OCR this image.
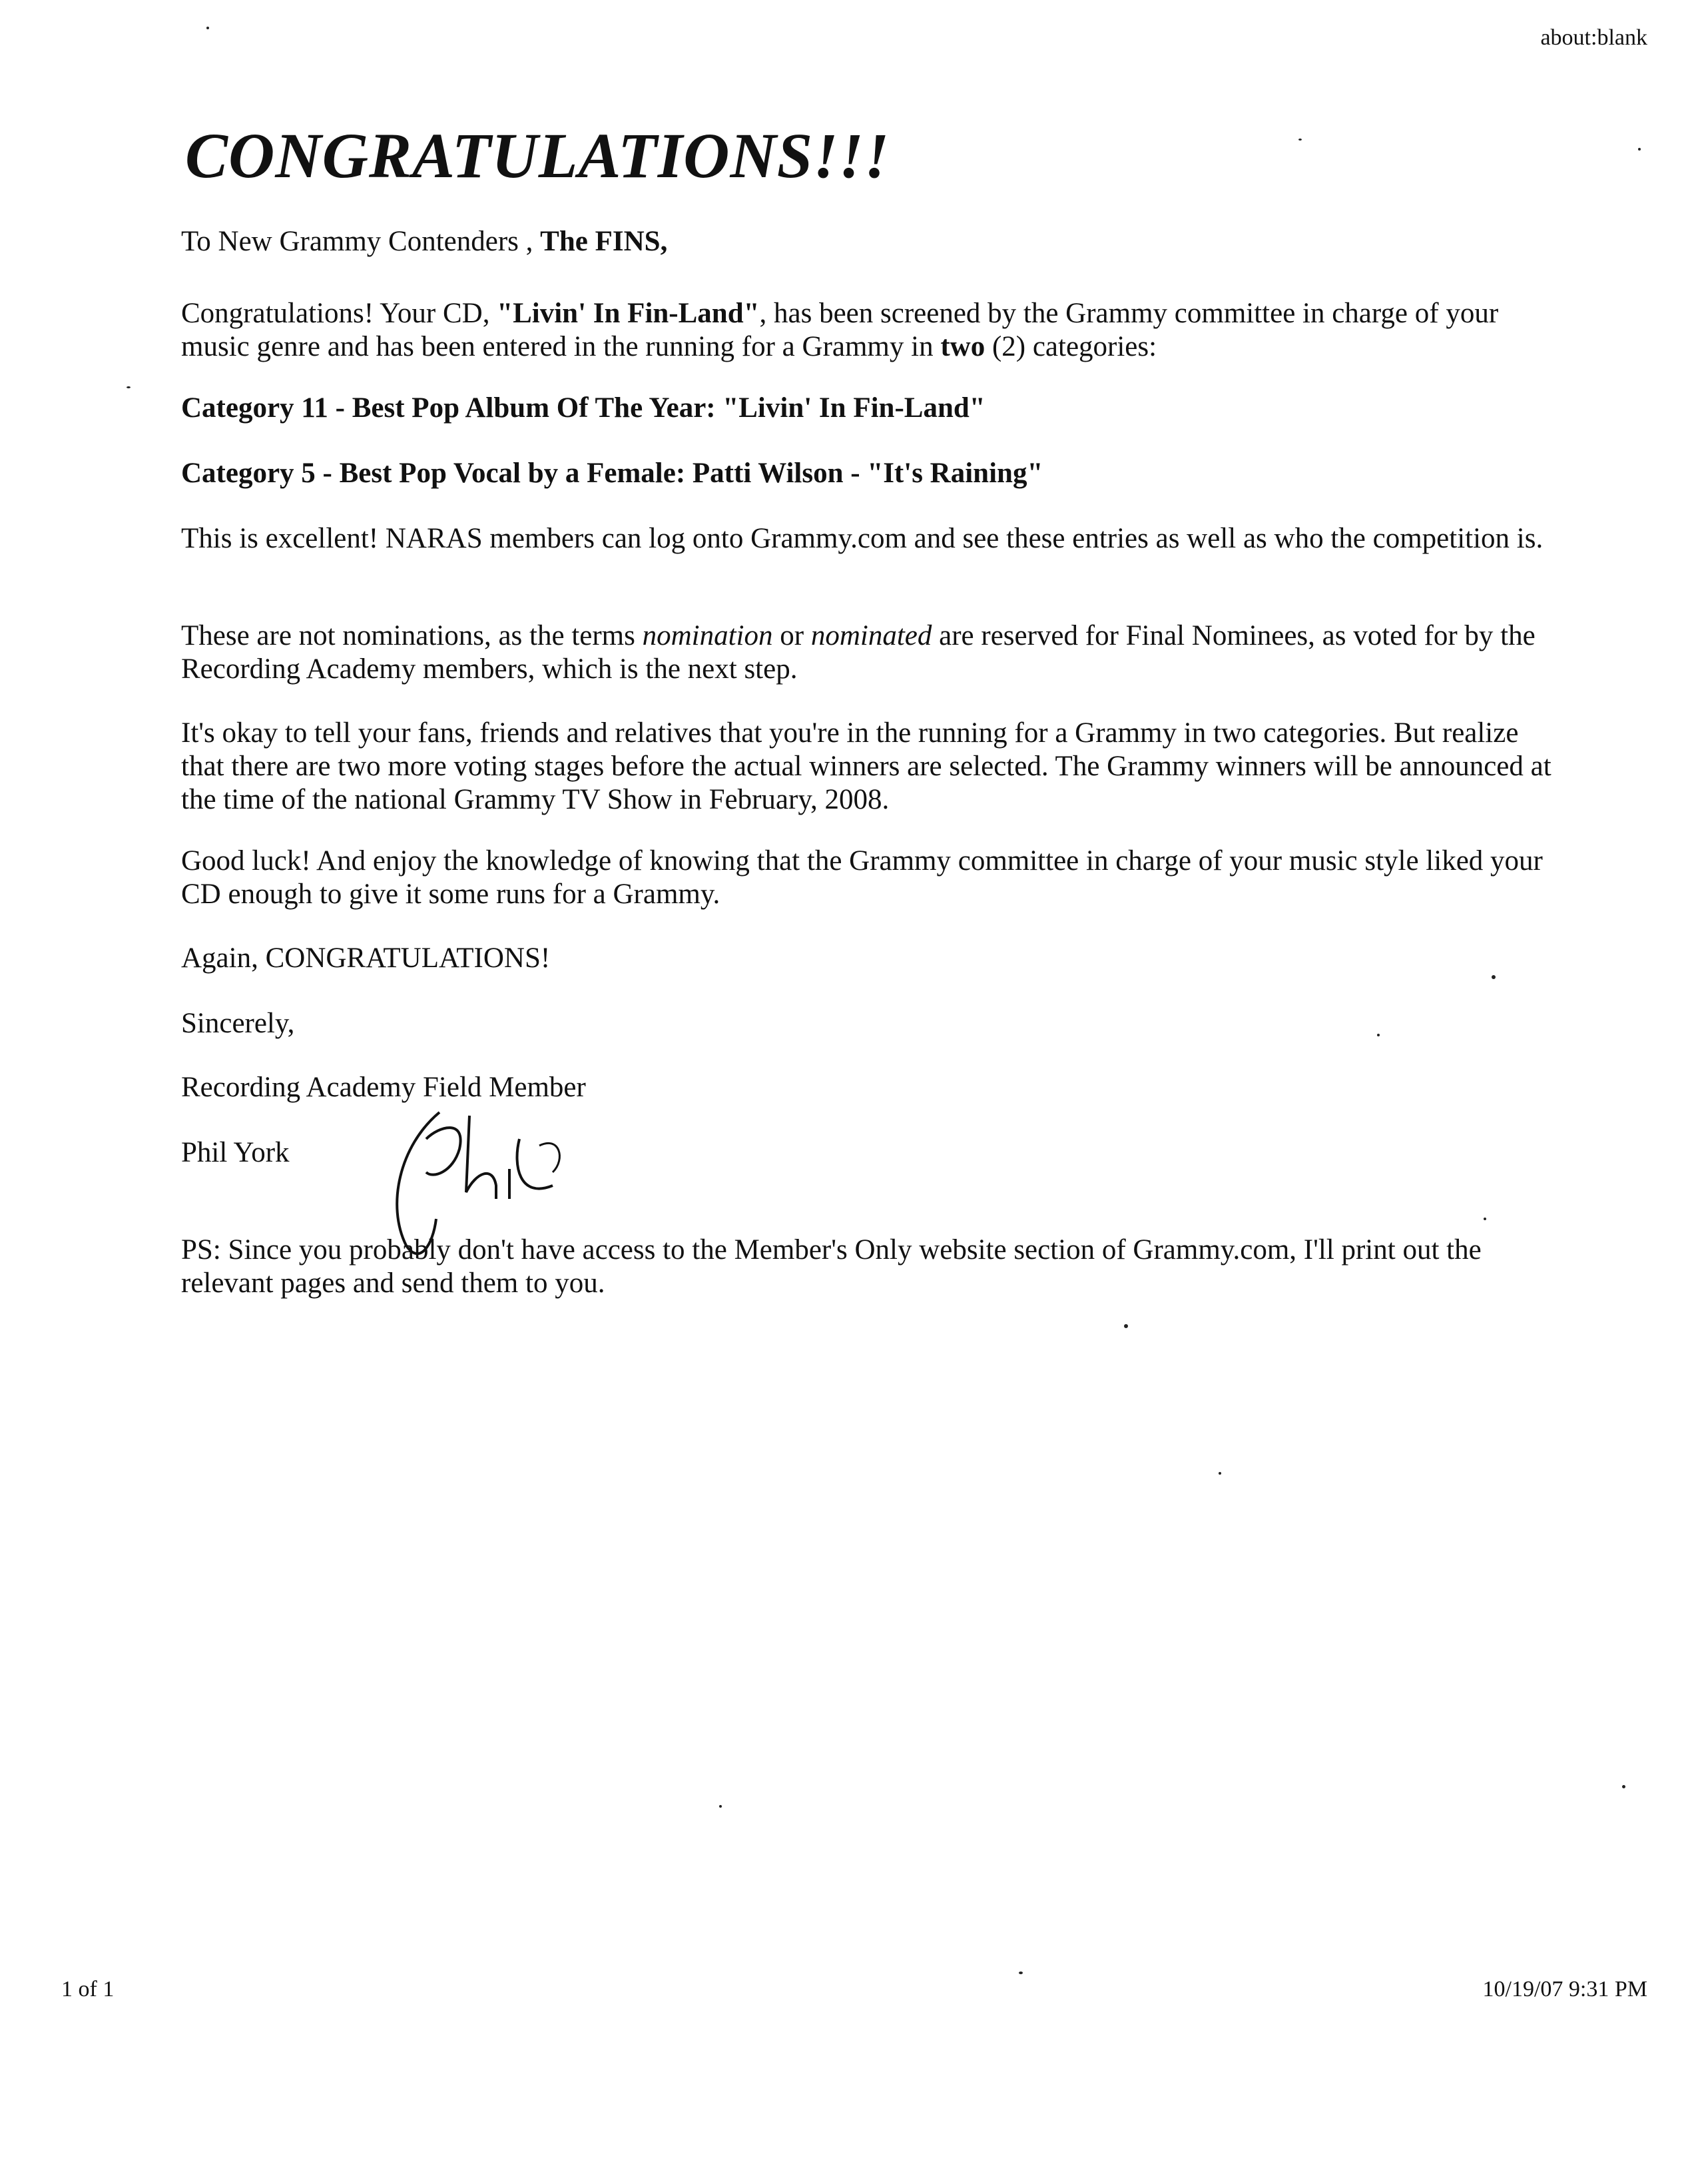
about:blank
CONGRATULATIONS!!!
To New Grammy Contenders , The FINS,
Congratulations! Your CD, "Livin' In Fin-Land", has been screened by the Grammy committee in charge of your music genre and has been entered in the running for a Grammy in two (2) categories:
Category 11 - Best Pop Album Of The Year: "Livin' In Fin-Land"
Category 5 - Best Pop Vocal by a Female: Patti Wilson - "It's Raining"
This is excellent! NARAS members can log onto Grammy.com and see these entries as well as who the competition is.
These are not nominations, as the terms nomination or nominated are reserved for Final Nominees, as voted for by the Recording Academy members, which is the next step.
It's okay to tell your fans, friends and relatives that you're in the running for a Grammy in two categories. But realize that there are two more voting stages before the actual winners are selected. The Grammy winners will be announced at the time of the national Grammy TV Show in February, 2008.
Good luck! And enjoy the knowledge of knowing that the Grammy committee in charge of your music style liked your CD enough to give it some runs for a Grammy.
Again, CONGRATULATIONS!
Sincerely,
Recording Academy Field Member
Phil York
PS: Since you probably don't have access to the Member's Only website section of Grammy.com, I'll print out the relevant pages and send them to you.
1 of 1	10/19/07 9:31 PM
